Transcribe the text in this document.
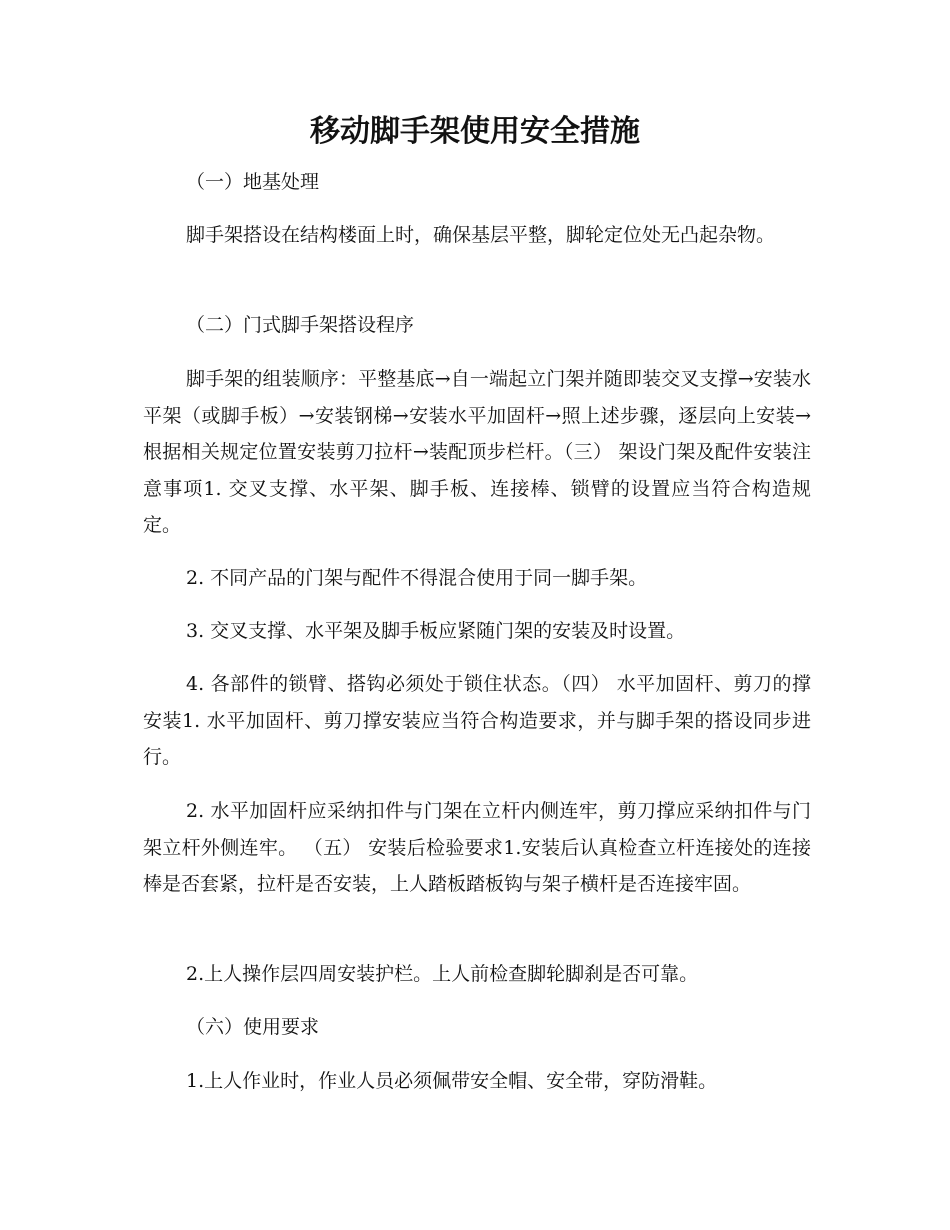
移动脚手架使用安全措施
（一）地基处理
脚手架搭设在结构楼面上时，确保基层平整，脚轮定位处无凸起杂物。
（二）门式脚手架搭设程序
脚手架的组装顺序：平整基底→自一端起立门架并随即装交叉支撑→安装水平架（或脚手板）→安装钢梯→安装水平加固杆→照上述步骤，逐层向上安装→根据相关规定位置安装剪刀拉杆→装配顶步栏杆。（三） 架设门架及配件安装注意事项1. 交叉支撑、水平架、脚手板、连接棒、锁臂的设置应当符合构造规定。
2. 不同产品的门架与配件不得混合使用于同一脚手架。
3. 交叉支撑、水平架及脚手板应紧随门架的安装及时设置。
4. 各部件的锁臂、搭钩必须处于锁住状态。（四） 水平加固杆、剪刀的撑安装1. 水平加固杆、剪刀撑安装应当符合构造要求，并与脚手架的搭设同步进行。
2. 水平加固杆应采纳扣件与门架在立杆内侧连牢，剪刀撑应采纳扣件与门架立杆外侧连牢。 （五） 安装后检验要求1.安装后认真检查立杆连接处的连接棒是否套紧，拉杆是否安装，上人踏板踏板钩与架子横杆是否连接牢固。
2.上人操作层四周安装护栏。上人前检查脚轮脚刹是否可靠。
（六）使用要求
1.上人作业时，作业人员必须佩带安全帽、安全带，穿防滑鞋。
